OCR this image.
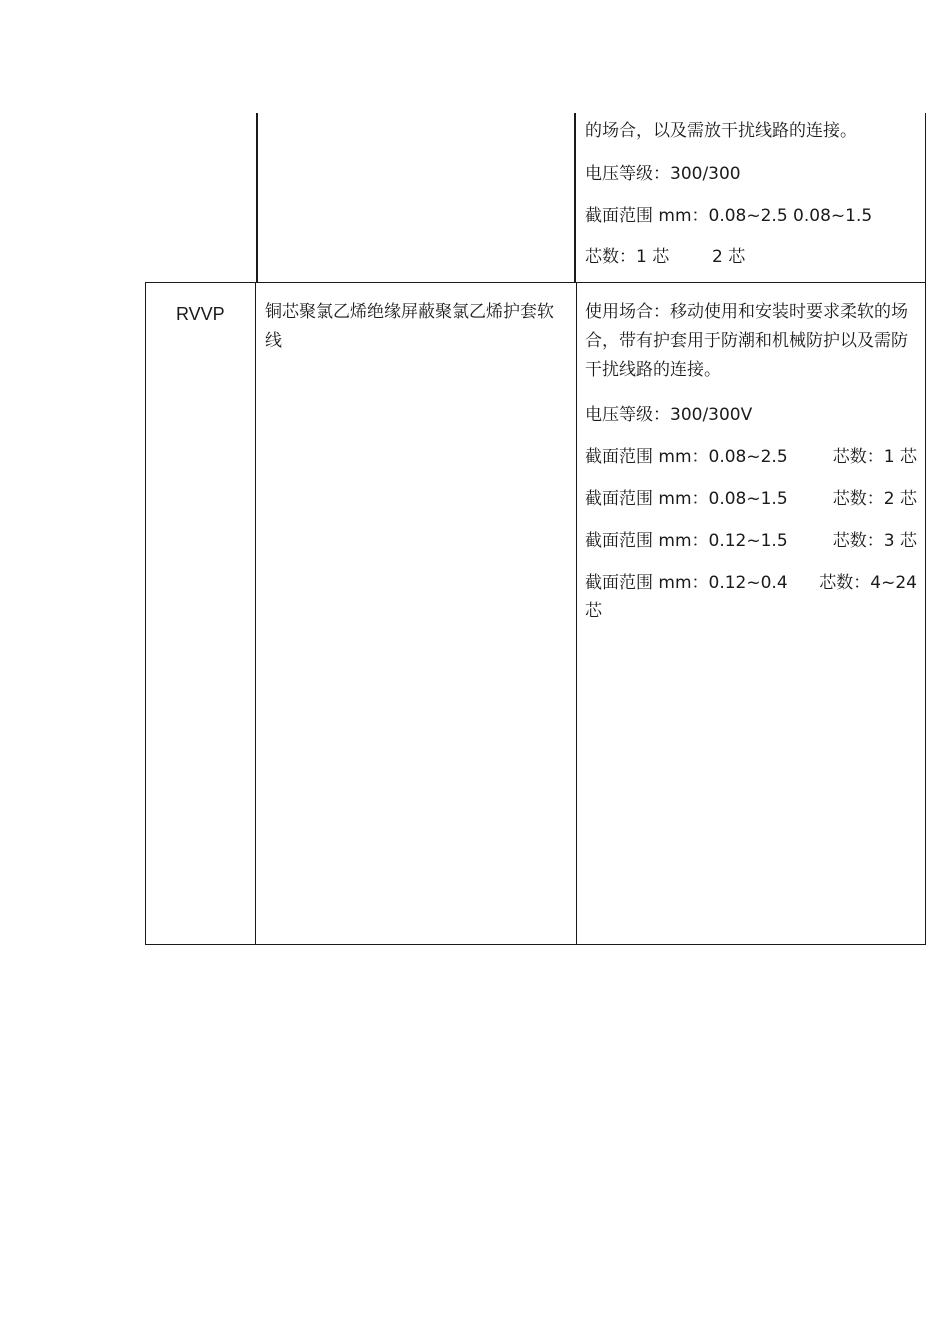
的场合，以及需放干扰线路的连接。
电压等级：300/300
截面范围 mm：0.08~2.5 0.08~1.5
芯数：1 芯	2 芯
RVVP 铜芯聚氯乙烯绝缘屏蔽聚氯乙烯护套软线
使用场合：移动使用和安装时要求柔软的场合，带有护套用于防潮和机械防护以及需防干扰线路的连接。
电压等级：300/300V
截面范围 mm：0.08~2.5	芯数：1 芯
截面范围 mm：0.08~1.5	芯数：2 芯
截面范围 mm：0.12~1.5	芯数：3 芯
截面范围 mm：0.12~0.4 芯数：4~24
芯
